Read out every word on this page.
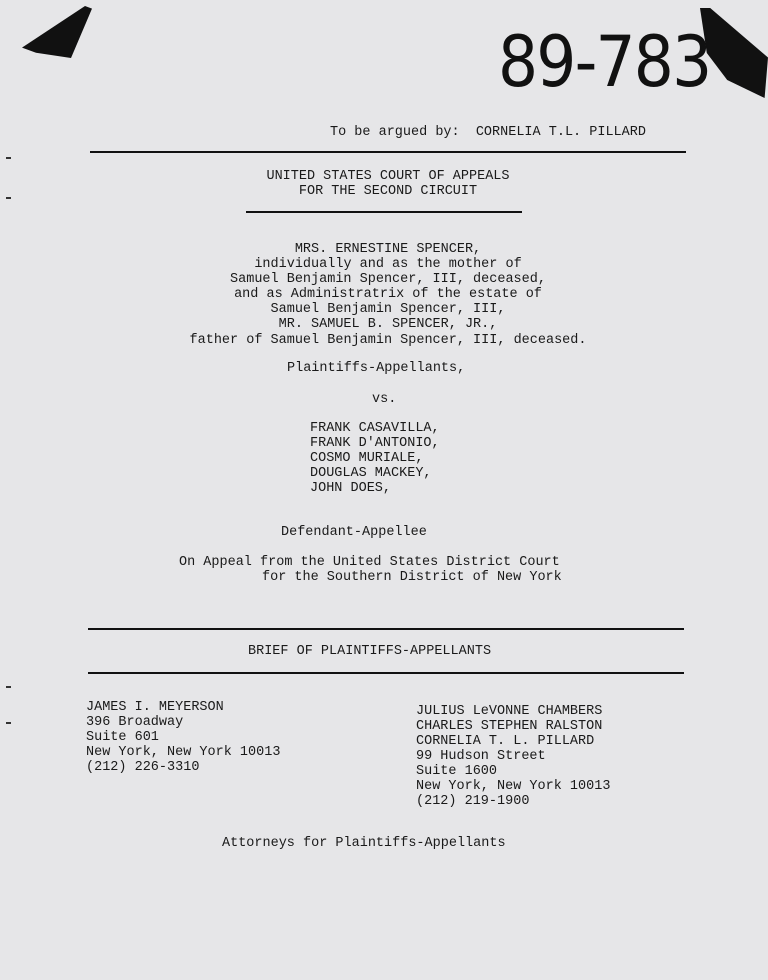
89-783
To be argued by:  CORNELIA T.L. PILLARD
UNITED STATES COURT OF APPEALS
FOR THE SECOND CIRCUIT
MRS. ERNESTINE SPENCER,
individually and as the mother of
Samuel Benjamin Spencer, III, deceased,
and as Administratrix of the estate of
Samuel Benjamin Spencer, III,
MR. SAMUEL B. SPENCER, JR.,
father of Samuel Benjamin Spencer, III, deceased.
Plaintiffs-Appellants,
vs.
FRANK CASAVILLA,
FRANK D'ANTONIO,
COSMO MURIALE,
DOUGLAS MACKEY,
JOHN DOES,
Defendant-Appellee
On Appeal from the United States District Court
for the Southern District of New York
BRIEF OF PLAINTIFFS-APPELLANTS
JAMES I. MEYERSON
396 Broadway
Suite 601
New York, New York 10013
(212) 226-3310
JULIUS LeVONNE CHAMBERS
CHARLES STEPHEN RALSTON
CORNELIA T. L. PILLARD
99 Hudson Street
Suite 1600
New York, New York 10013
(212) 219-1900
Attorneys for Plaintiffs-Appellants
